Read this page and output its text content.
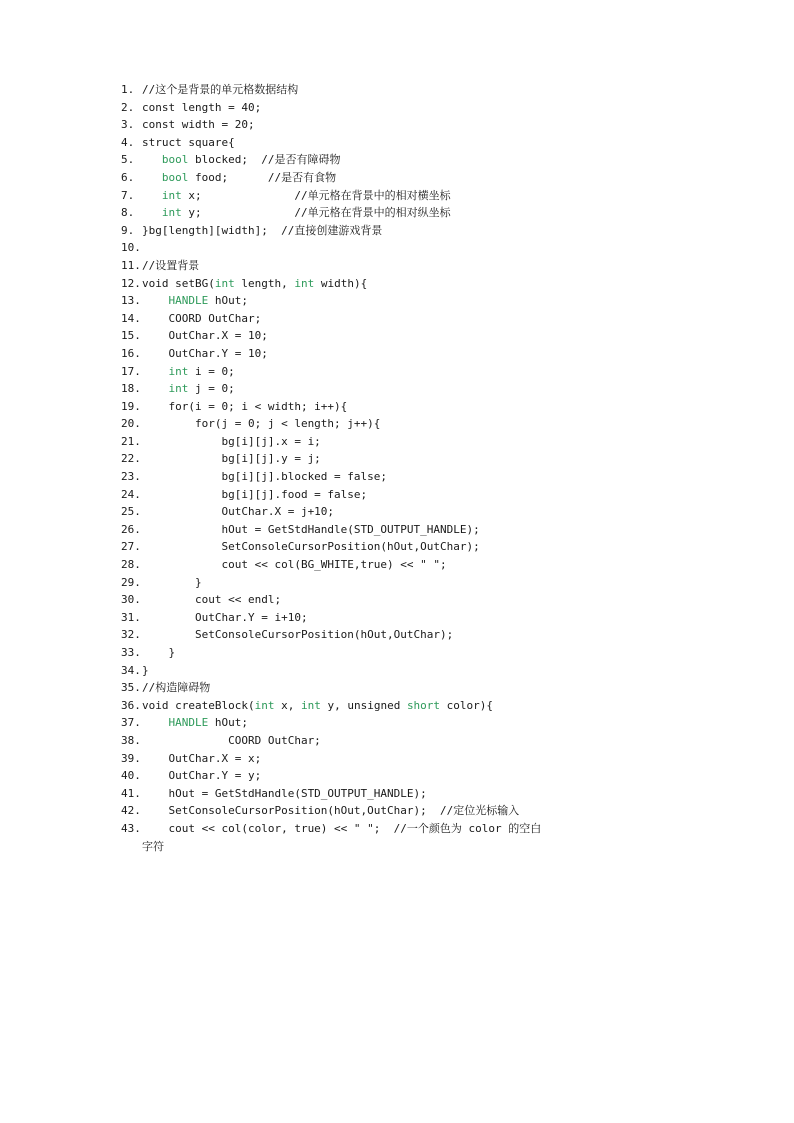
1. //这个是背景的单元格数据结构
2. const length = 40;
3. const width = 20;
4. struct square{
5.	bool blocked;  //是否有障碍物
6.	bool food;      //是否有食物
7.	int x;              //单元格在背景中的相对横坐标
8.	int y;              //单元格在背景中的相对纵坐标
9. }bg[length][width];  //直接创建游戏背景
10.
11.//设置背景
12.void setBG(int length, int width){
13.	HANDLE hOut;
14.    COORD OutChar;
15.    OutChar.X = 10;
16.    OutChar.Y = 10;
17.	int i = 0;
18.	int j = 0;
19.    for(i = 0; i < width; i++){
20.        for(j = 0; j < length; j++){
21.            bg[i][j].x = i;
22.            bg[i][j].y = j;
23.            bg[i][j].blocked = false;
24.            bg[i][j].food = false;
25.            OutChar.X = j+10;
26.            hOut = GetStdHandle(STD_OUTPUT_HANDLE);
27.            SetConsoleCursorPosition(hOut,OutChar);
28.            cout << col(BG_WHITE,true) << " ";
29.        }
30.        cout << endl;
31.        OutChar.Y = i+10;
32.        SetConsoleCursorPosition(hOut,OutChar);
33.    }
34.}
35.//构造障碍物
36.void createBlock(int x, int y, unsigned short color){
37.	HANDLE hOut;
38.             COORD OutChar;
39.    OutChar.X = x;
40.    OutChar.Y = y;
41.    hOut = GetStdHandle(STD_OUTPUT_HANDLE);
42.    SetConsoleCursorPosition(hOut,OutChar);  //定位光标输入
43.    cout << col(color, true) << " ";  //一个颜色为 color 的空白
字符
